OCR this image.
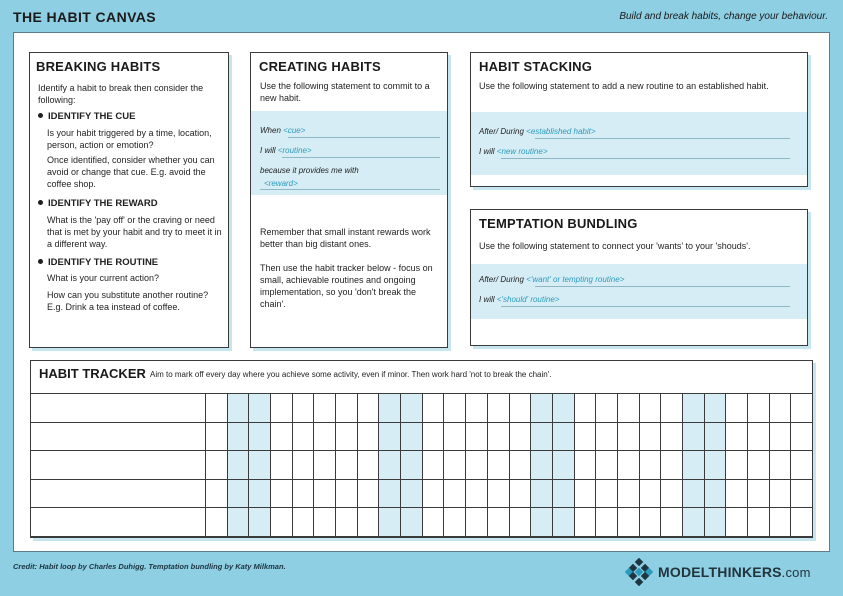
THE HABIT CANVAS	Build and break habits, change your behaviour.
BREAKING HABITS
Identify a habit to break then consider the following:
IDENTIFY THE CUE
Is your habit triggered by a time, location, person, action or emotion?
Once identified, consider whether you can avoid or change that cue. E.g. avoid the coffee shop.
IDENTIFY THE REWARD
What is the 'pay off' or the craving or need that is met by your habit and try to meet it in a different way.
IDENTIFY THE ROUTINE
What is your current action?
How can you substitute another routine? E.g. Drink a tea instead of coffee.
CREATING HABITS
Use the following statement to commit to a new habit.
When <cue>
I will <routine>
because it provides me with
<reward>
Remember that small instant rewards work better than big distant ones.
Then use the habit tracker below - focus on small, achievable routines and ongoing implementation, so you 'don't break the chain'.
HABIT STACKING
Use the following statement to add a new routine to an established habit.
After/ During <established habit>
I will <new routine>
TEMPTATION BUNDLING
Use the following statement to connect your 'wants' to your 'shouds'.
After/ During <'want' or tempting routine>
I will <'should' routine>
HABIT TRACKER Aim to mark off every day where you achieve some activity, even if minor. Then work hard 'not to break the chain'.
Credit: Habit loop by Charles Duhigg. Temptation bundling by Katy Milkman.	MODELTHINKERS.com
